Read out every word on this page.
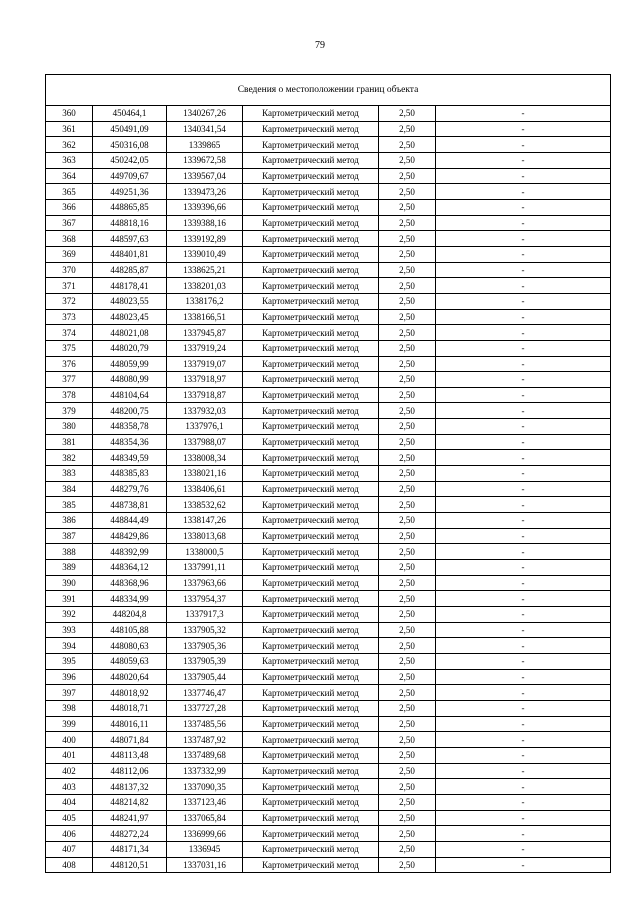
79
Сведения о местоположении границ объекта					
360	450464,1	1340267,26	Картометрический метод	2,50	-
361	450491,09	1340341,54	Картометрический метод	2,50	-
362	450316,08	1339865	Картометрический метод	2,50	-
363	450242,05	1339672,58	Картометрический метод	2,50	-
364	449709,67	1339567,04	Картометрический метод	2,50	-
365	449251,36	1339473,26	Картометрический метод	2,50	-
366	448865,85	1339396,66	Картометрический метод	2,50	-
367	448818,16	1339388,16	Картометрический метод	2,50	-
368	448597,63	1339192,89	Картометрический метод	2,50	-
369	448401,81	1339010,49	Картометрический метод	2,50	-
370	448285,87	1338625,21	Картометрический метод	2,50	-
371	448178,41	1338201,03	Картометрический метод	2,50	-
372	448023,55	1338176,2	Картометрический метод	2,50	-
373	448023,45	1338166,51	Картометрический метод	2,50	-
374	448021,08	1337945,87	Картометрический метод	2,50	-
375	448020,79	1337919,24	Картометрический метод	2,50	-
376	448059,99	1337919,07	Картометрический метод	2,50	-
377	448080,99	1337918,97	Картометрический метод	2,50	-
378	448104,64	1337918,87	Картометрический метод	2,50	-
379	448200,75	1337932,03	Картометрический метод	2,50	-
380	448358,78	1337976,1	Картометрический метод	2,50	-
381	448354,36	1337988,07	Картометрический метод	2,50	-
382	448349,59	1338008,34	Картометрический метод	2,50	-
383	448385,83	1338021,16	Картометрический метод	2,50	-
384	448279,76	1338406,61	Картометрический метод	2,50	-
385	448738,81	1338532,62	Картометрический метод	2,50	-
386	448844,49	1338147,26	Картометрический метод	2,50	-
387	448429,86	1338013,68	Картометрический метод	2,50	-
388	448392,99	1338000,5	Картометрический метод	2,50	-
389	448364,12	1337991,11	Картометрический метод	2,50	-
390	448368,96	1337963,66	Картометрический метод	2,50	-
391	448334,99	1337954,37	Картометрический метод	2,50	-
392	448204,8	1337917,3	Картометрический метод	2,50	-
393	448105,88	1337905,32	Картометрический метод	2,50	-
394	448080,63	1337905,36	Картометрический метод	2,50	-
395	448059,63	1337905,39	Картометрический метод	2,50	-
396	448020,64	1337905,44	Картометрический метод	2,50	-
397	448018,92	1337746,47	Картометрический метод	2,50	-
398	448018,71	1337727,28	Картометрический метод	2,50	-
399	448016,11	1337485,56	Картометрический метод	2,50	-
400	448071,84	1337487,92	Картометрический метод	2,50	-
401	448113,48	1337489,68	Картометрический метод	2,50	-
402	448112,06	1337332,99	Картометрический метод	2,50	-
403	448137,32	1337090,35	Картометрический метод	2,50	-
404	448214,82	1337123,46	Картометрический метод	2,50	-
405	448241,97	1337065,84	Картометрический метод	2,50	-
406	448272,24	1336999,66	Картометрический метод	2,50	-
407	448171,34	1336945	Картометрический метод	2,50	-
408	448120,51	1337031,16	Картометрический метод	2,50	-
